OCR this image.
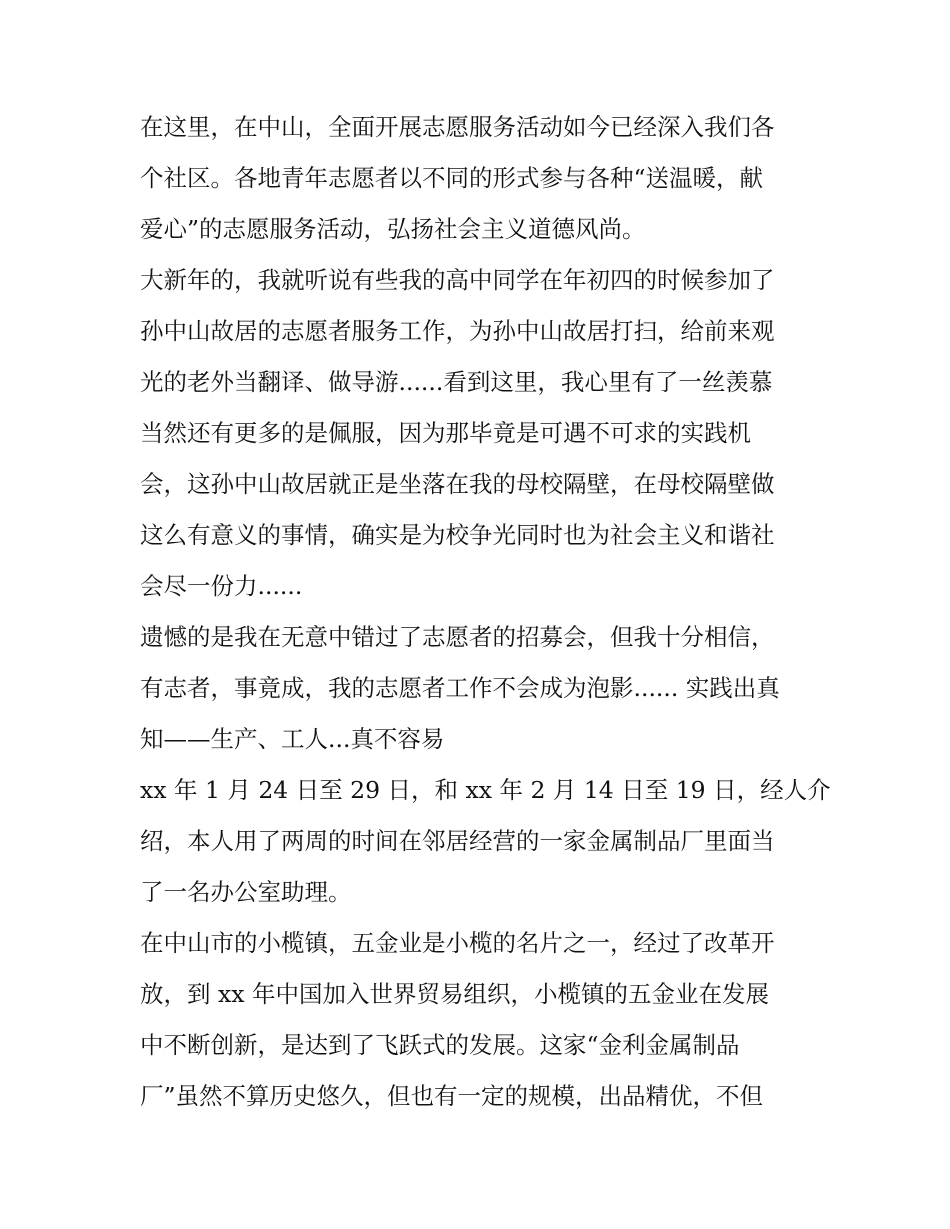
在这里，在中山，全面开展志愿服务活动如今已经深入我们各
个社区。各地青年志愿者以不同的形式参与各种“送温暖，献
爱心”的志愿服务活动，弘扬社会主义道德风尚。

大新年的，我就听说有些我的高中同学在年初四的时候参加了
孙中山故居的志愿者服务工作，为孙中山故居打扫，给前来观
光的老外当翻译、做导游......看到这里，我心里有了一丝羡慕
当然还有更多的是佩服，因为那毕竟是可遇不可求的实践机
会，这孙中山故居就正是坐落在我的母校隔壁，在母校隔壁做
这么有意义的事情，确实是为校争光同时也为社会主义和谐社
会尽一份力......

遗憾的是我在无意中错过了志愿者的招募会，但我十分相信，
有志者，事竟成，我的志愿者工作不会成为泡影...... 实践出真
知——生产、工人...真不容易

xx 年 1 月 24 日至 29 日，和 xx 年 2 月 14 日至 19 日，经人介
绍，本人用了两周的时间在邻居经营的一家金属制品厂里面当
了一名办公室助理。

在中山市的小榄镇，五金业是小榄的名片之一，经过了改革开
放，到 xx 年中国加入世界贸易组织，小榄镇的五金业在发展
中不断创新，是达到了飞跃式的发展。这家“金利金属制品
厂”虽然不算历史悠久，但也有一定的规模，出品精优，不但
